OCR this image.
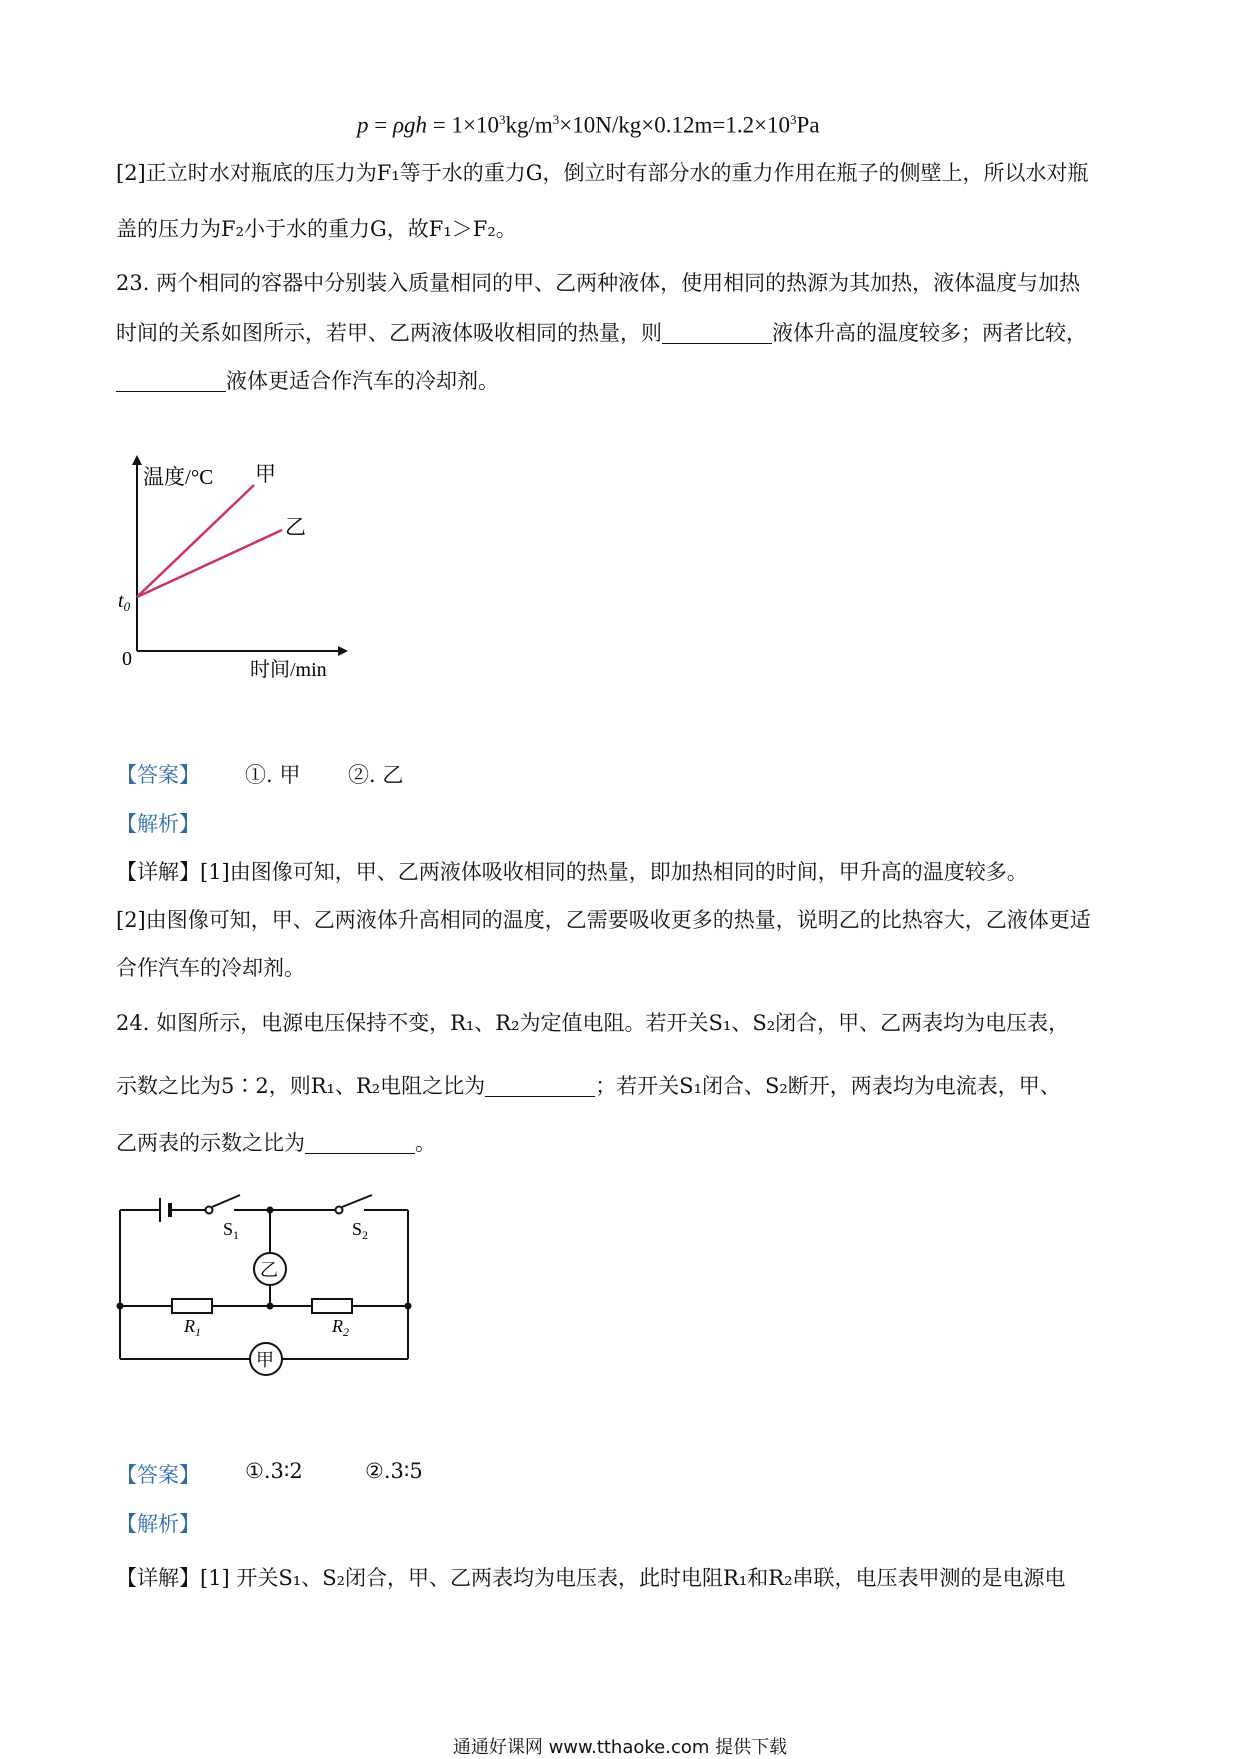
$p = \rho gh = 1\times 10^3kg/m^3\times 10N/kg\times 0.12m=1.2\times 10^3Pa$
[2]正立时水对瓶底的压力为F₁等于水的重力G，倒立时有部分水的重力作用在瓶子的侧壁上，所以水对瓶
盖的压力为F₂小于水的重力G，故F₁＞F₂。
23. 两个相同的容器中分别装入质量相同的甲、乙两种液体，使用相同的热源为其加热，液体温度与加热
时间的关系如图所示，若甲、乙两液体吸收相同的热量，则	液体升高的温度较多；两者比较，
液体更适合作汽车的冷却剂。
温度/°C 甲
乙
$t_0$
0	时间/min
【答案】 ①. 甲 ②. 乙
【解析】
【详解】[1]由图像可知，甲、乙两液体吸收相同的热量，即加热相同的时间，甲升高的温度较多。
[2]由图像可知，甲、乙两液体升高相同的温度，乙需要吸收更多的热量，说明乙的比热容大，乙液体更适
合作汽车的冷却剂。
24. 如图所示，电源电压保持不变，R₁、R₂为定值电阻。若开关S₁、S₂闭合，甲、乙两表均为电压表，
示数之比为5∶2，则R₁、R₂电阻之比为	；若开关S₁闭合、S₂断开，两表均为电流表，甲、
乙两表的示数之比为	。
$S_1$	$S_2$
乙
甲
$R_1$	$R_2$
【答案】 ①.3∶2	②.3∶5
【解析】
【详解】[1] 开关S₁、S₂闭合，甲、乙两表均为电压表，此时电阻R₁和R₂串联，电压表甲测的是电源电
通通好课网 www.tthaoke.com 提供下载
